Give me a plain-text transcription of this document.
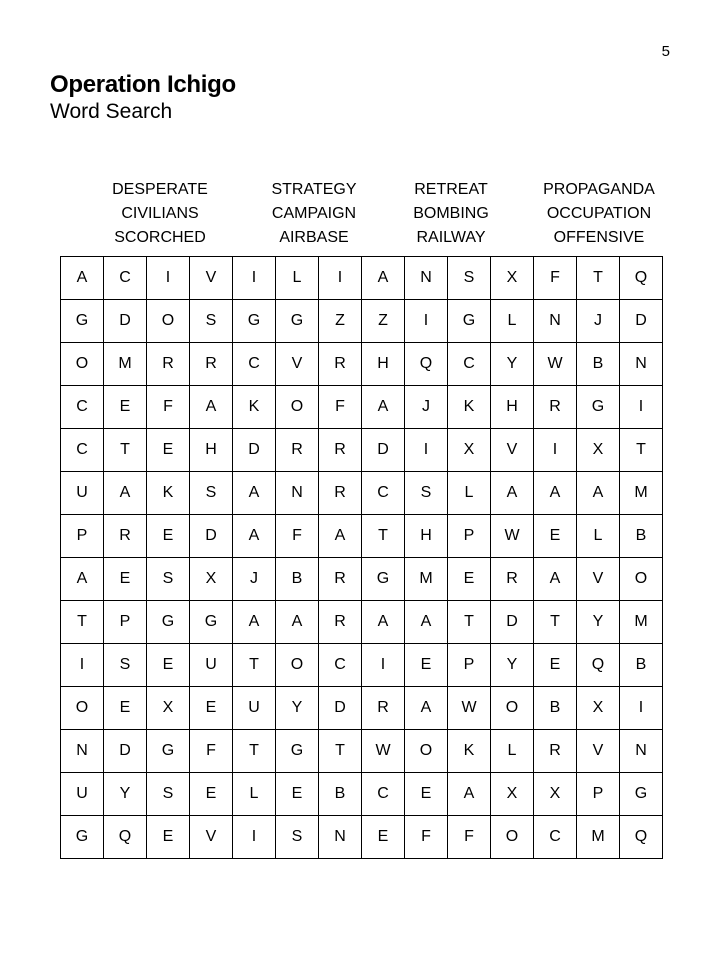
5
Operation Ichigo
Word Search
DESPERATE
CIVILIANS
SCORCHED
STRATEGY
CAMPAIGN
AIRBASE
RETREAT
BOMBING
RAILWAY
PROPAGANDA
OCCUPATION
OFFENSIVE
A	C	I	V	I	L	I	A	N	S	X	F	T	Q
G	D	O	S	G	G	Z	Z	I	G	L	N	J	D
O	M	R	R	C	V	R	H	Q	C	Y	W	B	N
C	E	F	A	K	O	F	A	J	K	H	R	G	I
C	T	E	H	D	R	R	D	I	X	V	I	X	T
U	A	K	S	A	N	R	C	S	L	A	A	A	M
P	R	E	D	A	F	A	T	H	P	W	E	L	B
A	E	S	X	J	B	R	G	M	E	R	A	V	O
T	P	G	G	A	A	R	A	A	T	D	T	Y	M
I	S	E	U	T	O	C	I	E	P	Y	E	Q	B
O	E	X	E	U	Y	D	R	A	W	O	B	X	I
N	D	G	F	T	G	T	W	O	K	L	R	V	N
U	Y	S	E	L	E	B	C	E	A	X	X	P	G
G	Q	E	V	I	S	N	E	F	F	O	C	M	Q
